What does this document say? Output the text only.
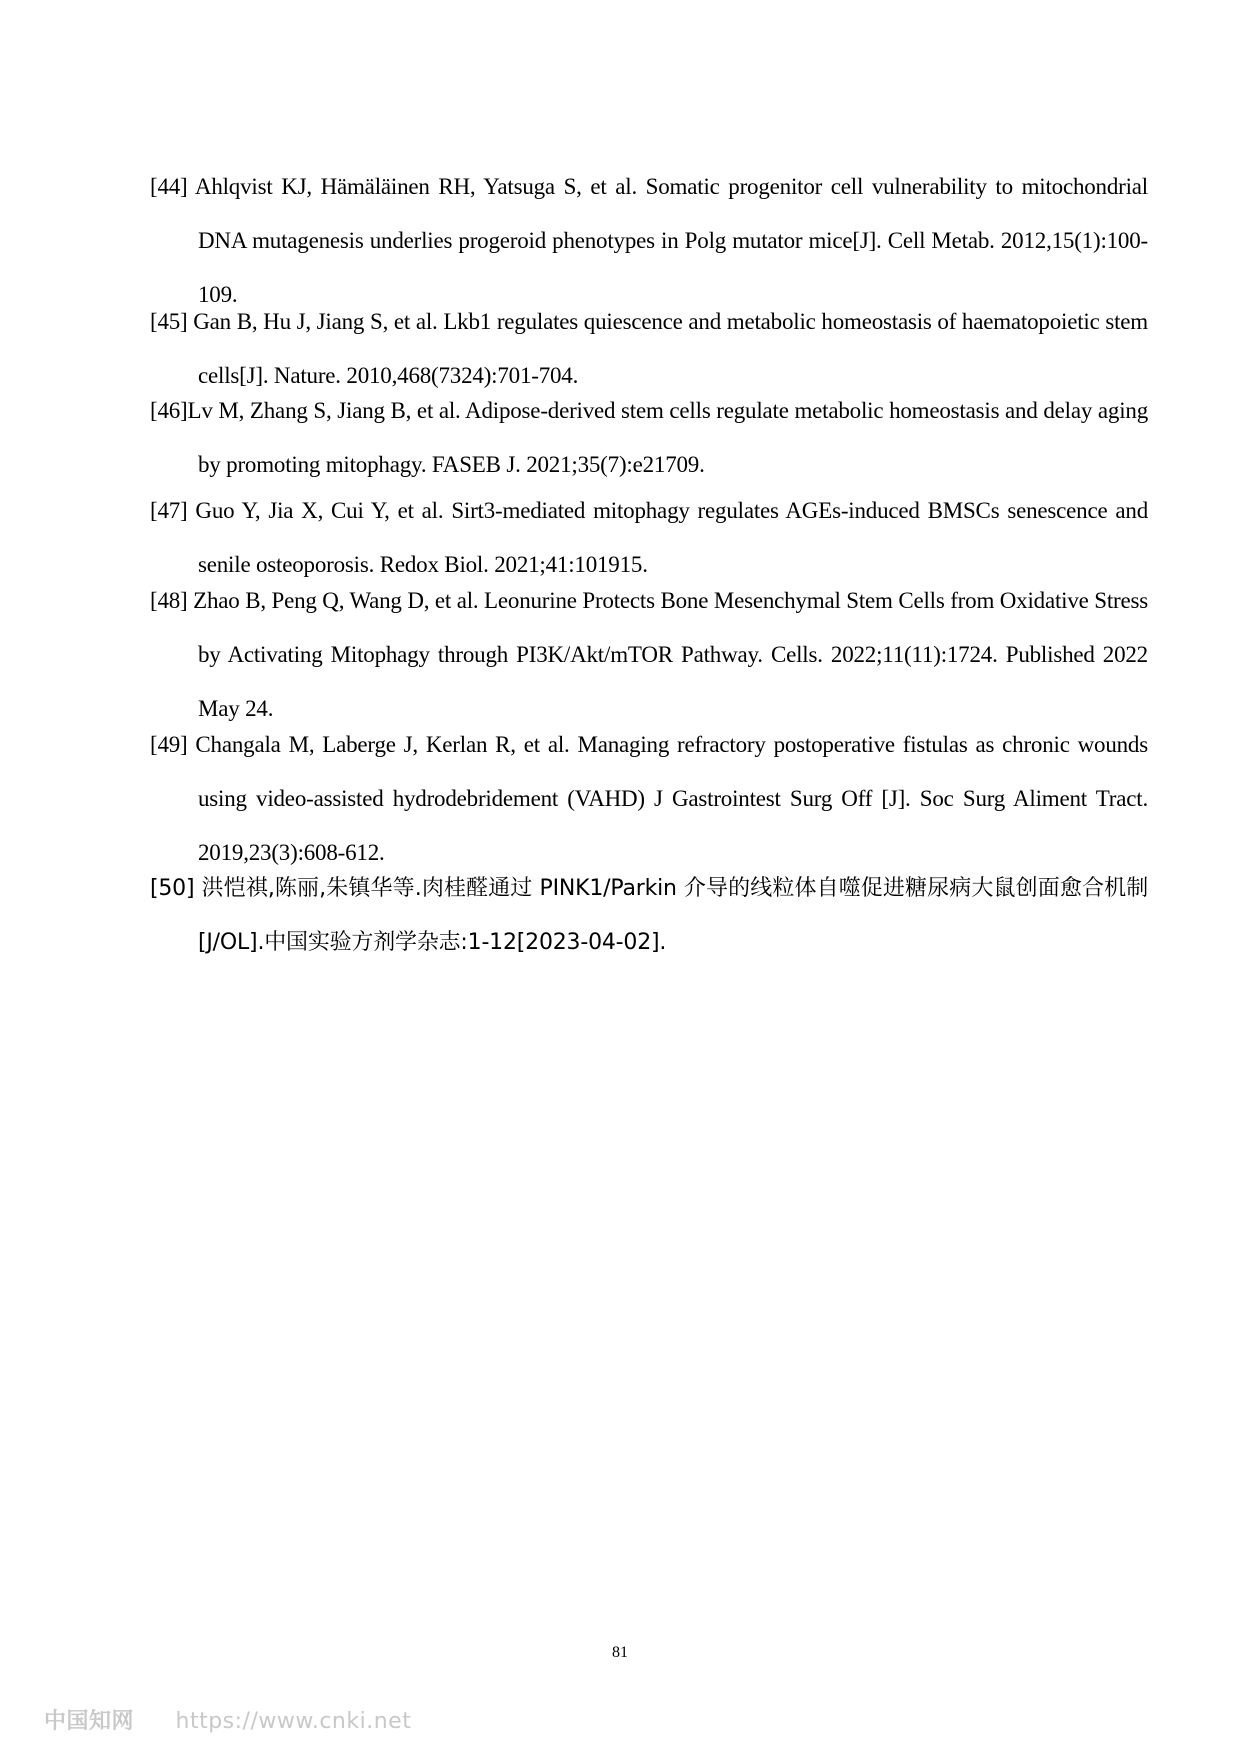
[44] Ahlqvist KJ, Hämäläinen RH, Yatsuga S, et al. Somatic progenitor cell vulnerability to mitochondrial DNA mutagenesis underlies progeroid phenotypes in Polg mutator mice[J]. Cell Metab. 2012,15(1):100-109.

[45] Gan B, Hu J, Jiang S, et al. Lkb1 regulates quiescence and metabolic homeostasis of haematopoietic stem cells[J]. Nature. 2010,468(7324):701-704.

[46]Lv M, Zhang S, Jiang B, et al. Adipose-derived stem cells regulate metabolic homeostasis and delay aging by promoting mitophagy. FASEB J. 2021;35(7):e21709.

[47] Guo Y, Jia X, Cui Y, et al. Sirt3-mediated mitophagy regulates AGEs-induced BMSCs senescence and senile osteoporosis. Redox Biol. 2021;41:101915.

[48] Zhao B, Peng Q, Wang D, et al. Leonurine Protects Bone Mesenchymal Stem Cells from Oxidative Stress by Activating Mitophagy through PI3K/Akt/mTOR Pathway. Cells. 2022;11(11):1724. Published 2022 May 24.

[49] Changala M, Laberge J, Kerlan R, et al. Managing refractory postoperative fistulas as chronic wounds using video-assisted hydrodebridement (VAHD) J Gastrointest Surg Off [J]. Soc Surg Aliment Tract. 2019,23(3):608-612.

[50] 洪恺祺,陈丽,朱镇华等.肉桂醛通过 PINK1/Parkin 介导的线粒体自噬促进糖尿病大鼠创面愈合机制[J/OL].中国实验方剂学杂志:1-12[2023-04-02].

81
中国知网 https://www.cnki.net
